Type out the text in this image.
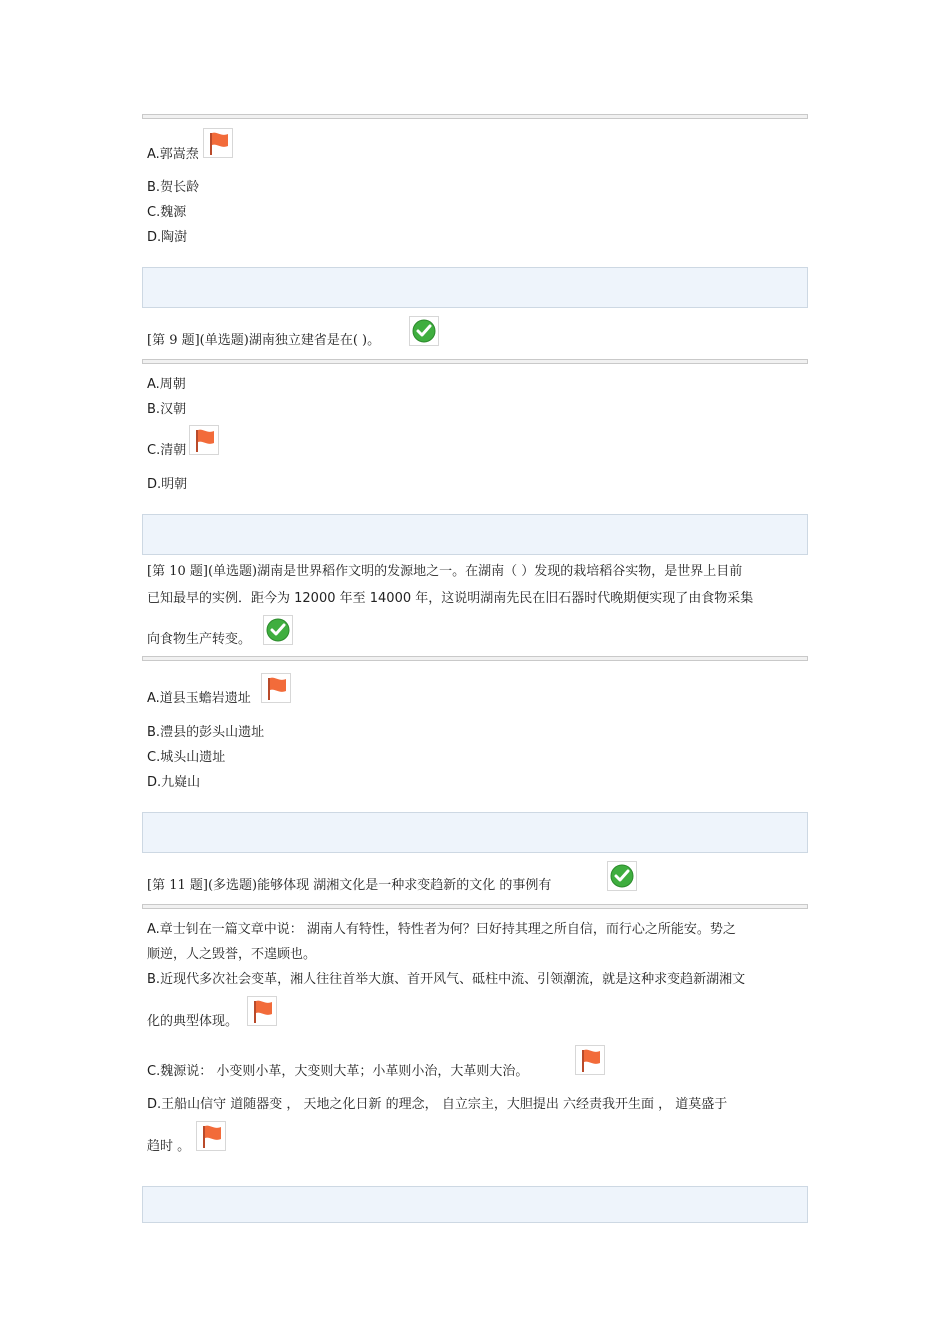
A.郭嵩焘
B.贺长龄
C.魏源
D.陶澍
[第 9 题](单选题)湖南独立建省是在( )。
A.周朝
B.汉朝
C.清朝
D.明朝
[第 10 题](单选题)湖南是世界稻作文明的发源地之一。在湖南（ ）发现的栽培稻谷实物，是世界上目前
已知最早的实例．距今为 12000 年至 14000 年，这说明湖南先民在旧石器时代晚期便实现了由食物采集
向食物生产转变。
A.道县玉蟾岩遗址
B.澧县的彭头山遗址
C.城头山遗址
D.九嶷山
[第 11 题](多选题)能够体现 湖湘文化是一种求变趋新的文化 的事例有
A.章士钊在一篇文章中说： 湖南人有特性，特性者为何？曰好持其理之所自信，而行心之所能安。势之
顺逆，人之毁誉，不遑顾也。
B.近现代多次社会变革，湘人往往首举大旗、首开风气、砥柱中流、引领潮流，就是这种求变趋新湖湘文
化的典型体现。
C.魏源说： 小变则小革，大变则大革；小革则小治，大革则大治。
D.王船山信守 道随器变 ， 天地之化日新 的理念， 自立宗主，大胆提出 六经责我开生面 ， 道莫盛于
趋时 。
